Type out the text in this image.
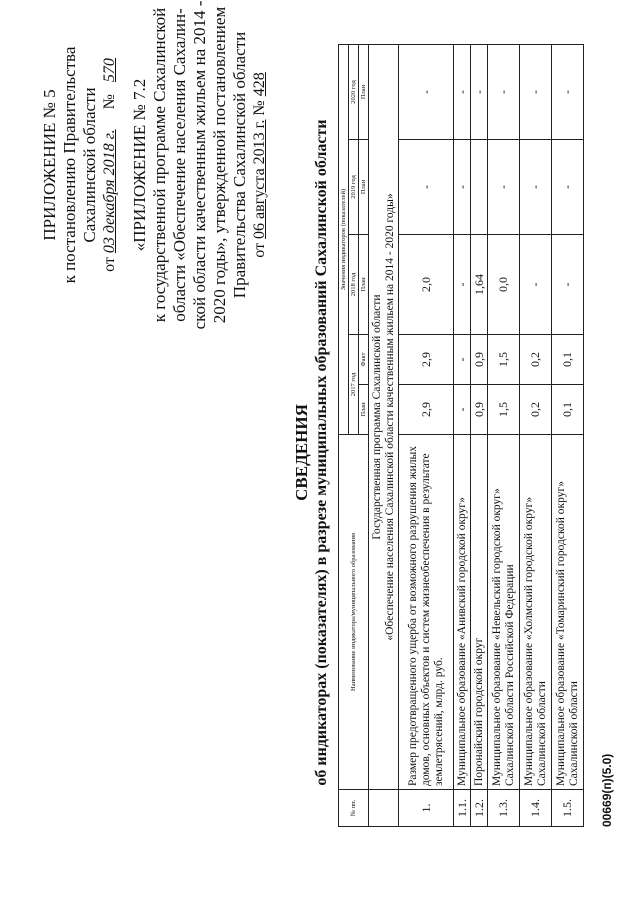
ПРИЛОЖЕНИЕ № 5 к постановлению Правительства Сахалинской области
от 03 декабря 2018 г.     №   570
«ПРИЛОЖЕНИЕ № 7.2 к государственной программе Сахалинской области «Обеспечение населения Сахалин- ской области качественным жильем на 2014 - 2020 годы», утвержденной постановлением Правительства Сахалинской области от 06 августа 2013 г. № 428
СВЕДЕНИЯ об индикаторах (показателях) в разрезе муниципальных образований Сахалинской области
№ пп.	Наименование индикатора/муниципального образования	Значения индикаторов (показателей)				
		2017 год		2018 год	2019 год	2020 год
		План	Факт	План	План	План

	Государственная программа Сахалинской области «Обеспечение населения Сахалинской области качественным жильем на 2014 - 2020 годы»					

1.	Размер предотвращенного ущерба от возможного разрушения жилых домов, основных объектов и систем жизнеобеспечения в результате землетрясений, млрд. руб.	2,9	2,9	2,0	-	-
1.1.	Муниципальное образование «Анивский городской округ»	-	-	-	-	-
1.2.	Поронайский городской округ	0,9	0,9	1,64		-
1.3.	Муниципальное образование «Невельский городской округ» Сахалинской области Российской Федерации	1,5	1,5	0,0	-	-
1.4.	Муниципальное образование «Холмский городской округ» Сахалинской области	0,2	0,2	-	-	-
1.5.	Муниципальное образование «Томаринский городской округ» Сахалинской области	0,1	0,1	-	-	-
00669(п)(5.0)
